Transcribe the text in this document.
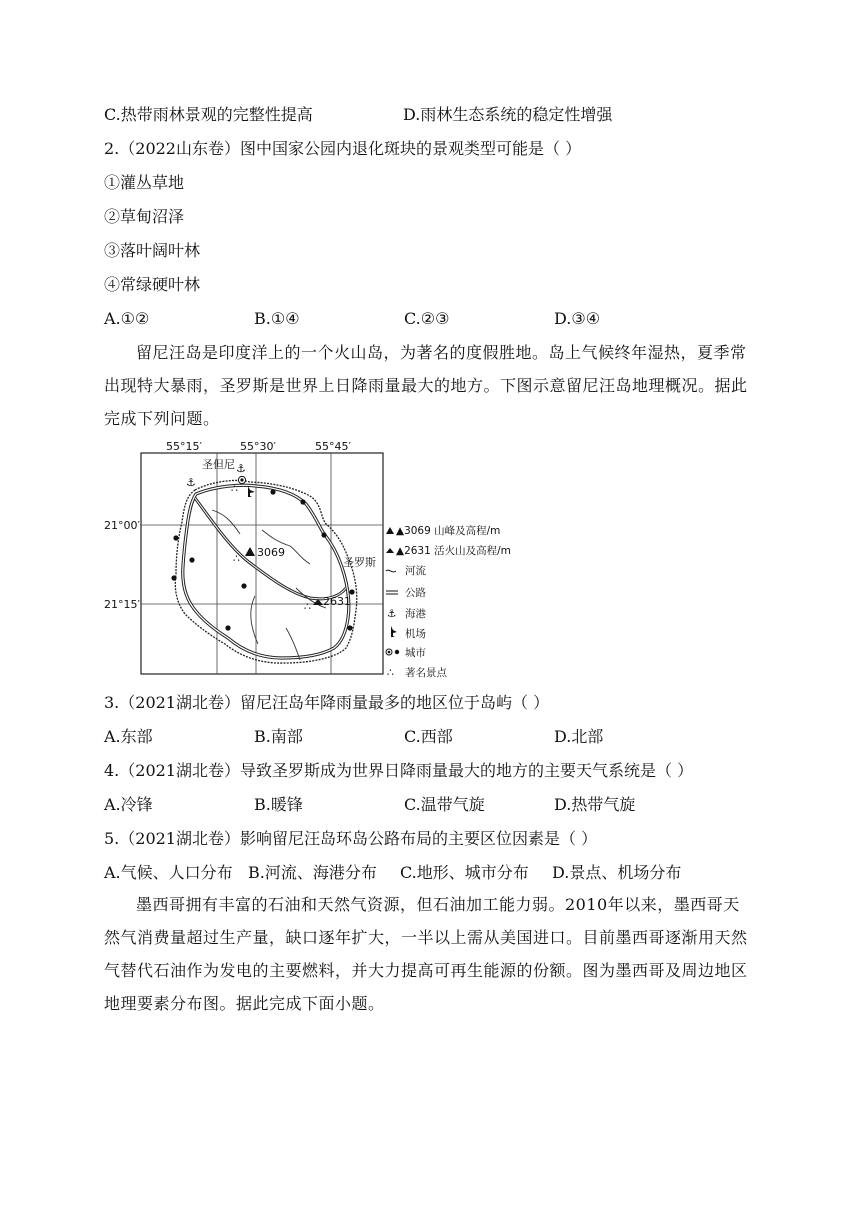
C.热带雨林景观的完整性提高	D.雨林生态系统的稳定性增强
2.（2022山东卷）图中国家公园内退化斑块的景观类型可能是（ ）
①灌丛草地
②草甸沼泽
③落叶阔叶林
④常绿硬叶林
A.①②	B.①④	C.②③	D.③④
留尼汪岛是印度洋上的一个火山岛，为著名的度假胜地。岛上气候终年湿热，夏季常出现特大暴雨，圣罗斯是世界上日降雨量最大的地方。下图示意留尼汪岛地理概况。据此完成下列问题。
55°15′	55°30′	55°45′
21°00′
21°15′
⚓
⚓	∴
∴
∴
3069
2631
圣但尼
圣罗斯
▲3069 山峰及高程/m
▲2631 活火山及高程/m
河流
公路
⚓ 海港
机场
城市
∴ 著名景点
3.（2021湖北卷）留尼汪岛年降雨量最多的地区位于岛屿（ ）
A.东部	B.南部	C.西部	D.北部
4.（2021湖北卷）导致圣罗斯成为世界日降雨量最大的地方的主要天气系统是（ ）
A.冷锋	B.暖锋	C.温带气旋	D.热带气旋
5.（2021湖北卷）影响留尼汪岛环岛公路布局的主要区位因素是（ ）
A.气候、人口分布 B.河流、海港分布 C.地形、城市分布 D.景点、机场分布
墨西哥拥有丰富的石油和天然气资源，但石油加工能力弱。2010年以来，墨西哥天然气消费量超过生产量，缺口逐年扩大，一半以上需从美国进口。目前墨西哥逐渐用天然气替代石油作为发电的主要燃料，并大力提高可再生能源的份额。图为墨西哥及周边地区地理要素分布图。据此完成下面小题。
